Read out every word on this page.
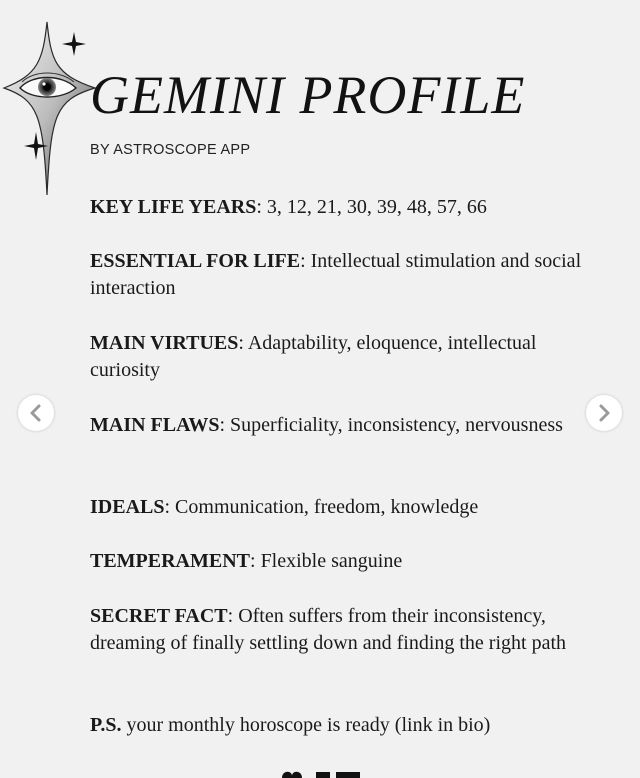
GEMINI PROFILE
BY ASTROSCOPE APP
KEY LIFE YEARS: 3, 12, 21, 30, 39, 48, 57, 66
ESSENTIAL FOR LIFE: Intellectual stimulation and social interaction
MAIN VIRTUES: Adaptability, eloquence, intellectual curiosity
MAIN FLAWS: Superficiality, inconsistency, nervousness
IDEALS: Communication, freedom, knowledge
TEMPERAMENT: Flexible sanguine
SECRET FACT: Often suffers from their inconsistency, dreaming of finally settling down and finding the right path
P.S. your monthly horoscope is ready (link in bio)
